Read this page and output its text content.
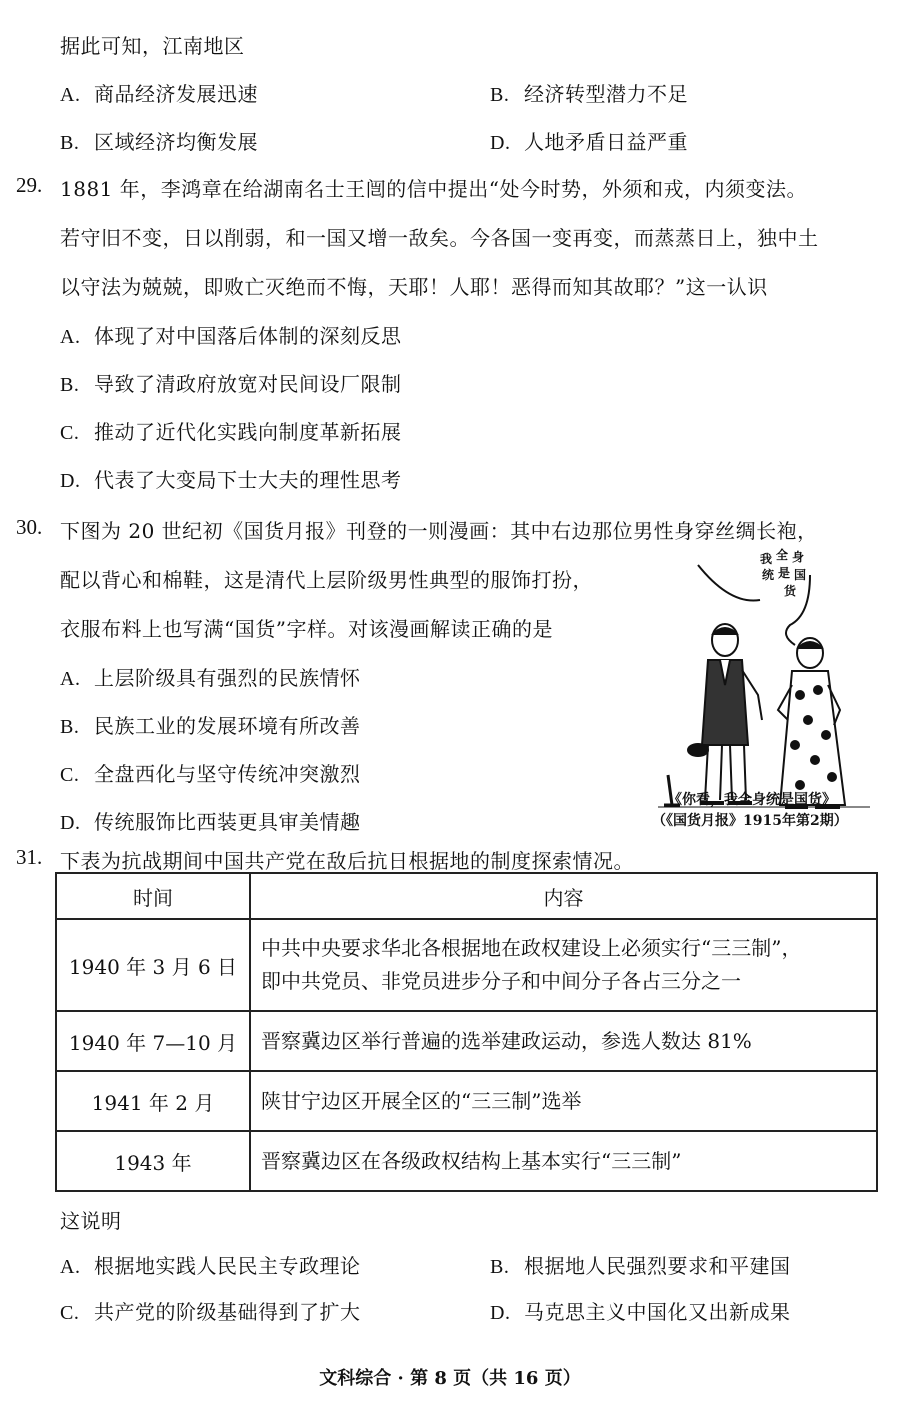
据此可知，江南地区
A. 商品经济发展迅速	B. 经济转型潜力不足
B. 区域经济均衡发展	D. 人地矛盾日益严重
29. 1881 年，李鸿章在给湖南名士王闿的信中提出“处今时势，外须和戎，内须变法。
若守旧不变，日以削弱，和一国又增一敌矣。今各国一变再变，而蒸蒸日上，独中土
以守法为兢兢，即败亡灭绝而不悔，天耶！人耶！恶得而知其故耶？”这一认识
A. 体现了对中国落后体制的深刻反思
B. 导致了清政府放宽对民间设厂限制
C. 推动了近代化实践向制度革新拓展
D. 代表了大变局下士大夫的理性思考
30. 下图为 20 世纪初《国货月报》刊登的一则漫画：其中右边那位男性身穿丝绸长袍，
配以背心和棉鞋，这是清代上层阶级男性典型的服饰打扮，
衣服布料上也写满“国货”字样。对该漫画解读正确的是
A. 上层阶级具有强烈的民族情怀
B. 民族工业的发展环境有所改善
C. 全盘西化与坚守传统冲突激烈
D. 传统服饰比西装更具审美情趣
我 全 身
统 是 国
货
《你看，我全身统是国货》
（《国货月报》1915年第2期）
31. 下表为抗战期间中国共产党在敌后抗日根据地的制度探索情况。
时间	内容
1940 年 3 月 6 日	中共中央要求华北各根据地在政权建设上必须实行“三三制”，
即中共党员、非党员进步分子和中间分子各占三分之一

1940 年 7—10 月	晋察冀边区举行普遍的选举建政运动，参选人数达 81%

1941 年 2 月	陕甘宁边区开展全区的“三三制”选举

1943 年	晋察冀边区在各级政权结构上基本实行“三三制”
这说明
A. 根据地实践人民民主专政理论	B. 根据地人民强烈要求和平建国
C. 共产党的阶级基础得到了扩大	D. 马克思主义中国化又出新成果
文科综合 · 第 8 页（共 16 页）
